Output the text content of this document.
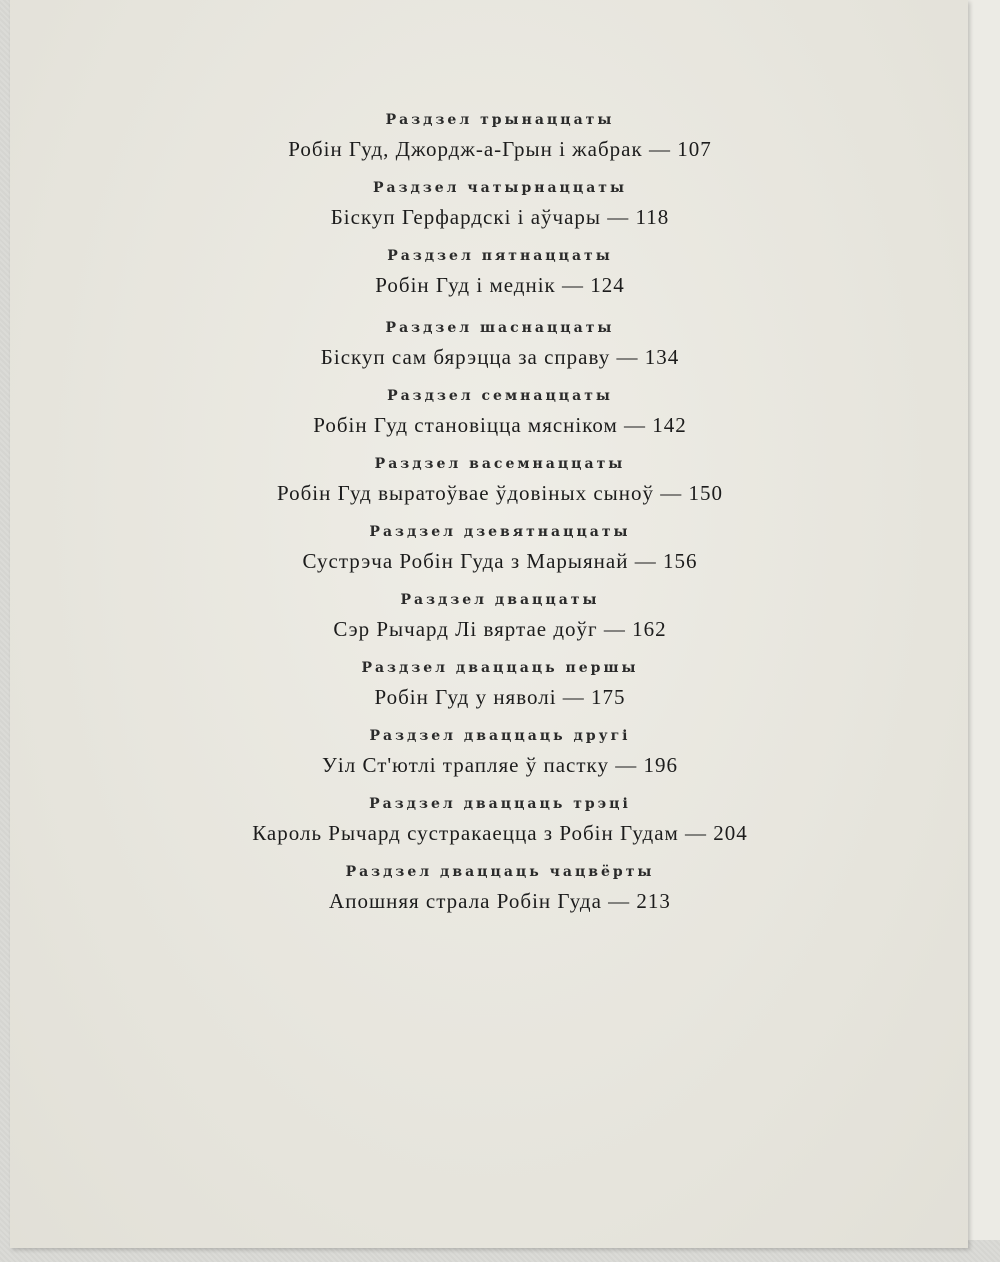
Раздзел трынаццаты
Робін Гуд, Джордж-а-Грын і жабрак — 107
Раздзел чатырнаццаты
Біскуп Герфардскі і аўчары — 118
Раздзел пятнаццаты
Робін Гуд і меднік — 124
Раздзел шаснаццаты
Біскуп сам бярэцца за справу — 134
Раздзел семнаццаты
Робін Гуд становіцца мясніком — 142
Раздзел васемнаццаты
Робін Гуд выратоўвае ўдовіных сыноў — 150
Раздзел дзевятнаццаты
Сустрэча Робін Гуда з Марыянай — 156
Раздзел дваццаты
Сэр Рычард Лі вяртае доўг — 162
Раздзел дваццаць першы
Робін Гуд у няволі — 175
Раздзел дваццаць другі
Уіл Ст'ютлі трапляе ў пастку — 196
Раздзел дваццаць трэці
Кароль Рычард сустракаецца з Робін Гудам — 204
Раздзел дваццаць чацвёрты
Апошняя страла Робін Гуда — 213
